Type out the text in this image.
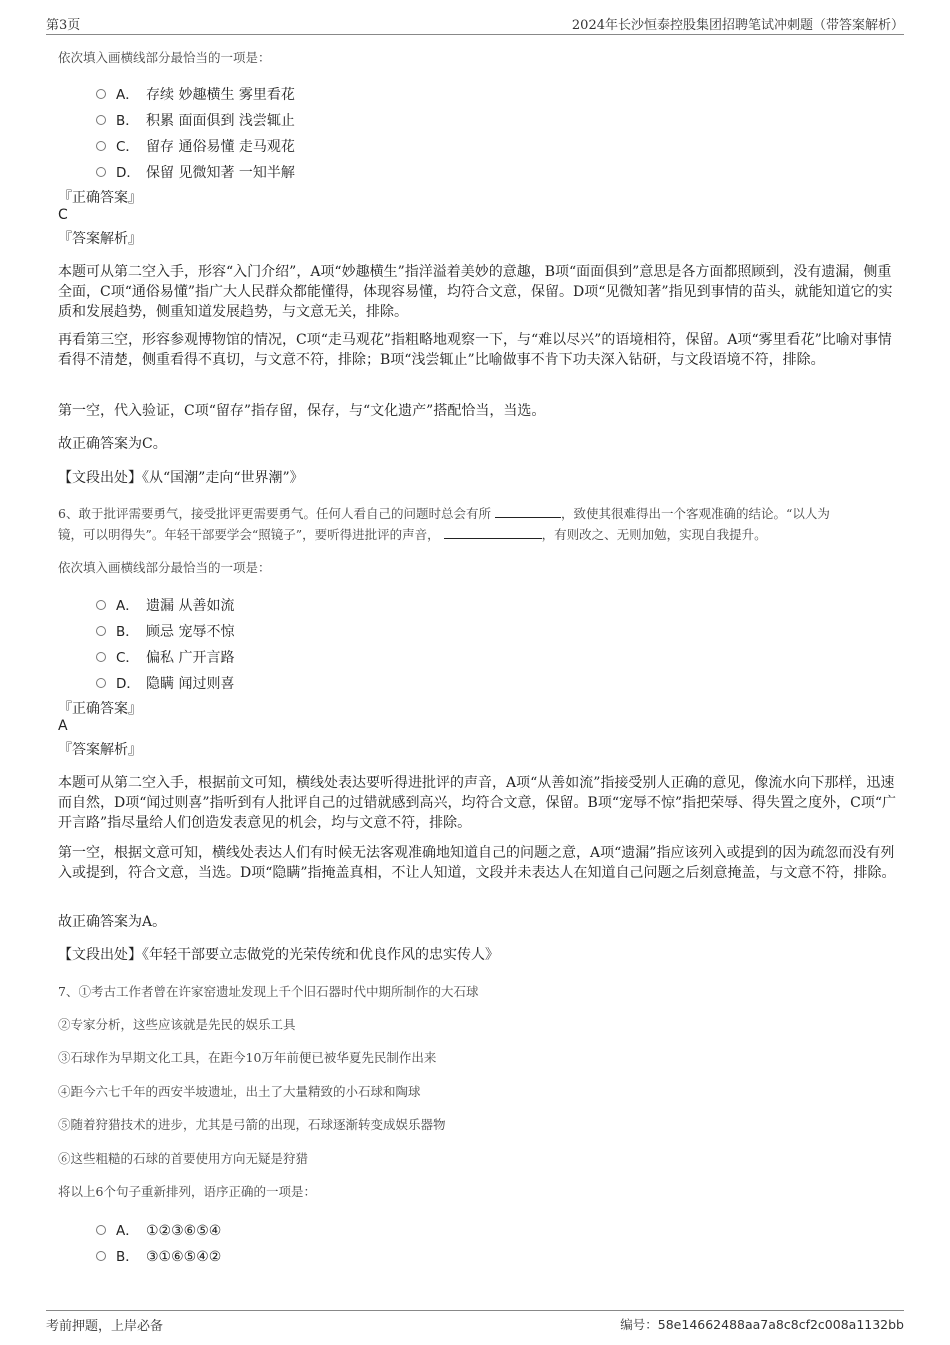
第3页	2024年长沙恒泰控股集团招聘笔试冲刺题（带答案解析）
依次填入画横线部分最恰当的一项是：
A． 存续 妙趣横生 雾里看花
B． 积累 面面俱到 浅尝辄止
C． 留存 通俗易懂 走马观花
D． 保留 见微知著 一知半解
『正确答案』
C
『答案解析』
本题可从第二空入手，形容“入门介绍”，A项“妙趣横生”指洋溢着美妙的意趣，B项“面面俱到”意思是各方面都照顾到，没有遗漏，侧重全面，C项“通俗易懂”指广大人民群众都能懂得，体现容易懂，均符合文意，保留。D项“见微知著”指见到事情的苗头，就能知道它的实质和发展趋势，侧重知道发展趋势，与文意无关，排除。
再看第三空，形容参观博物馆的情况，C项“走马观花”指粗略地观察一下，与“难以尽兴”的语境相符，保留。A项“雾里看花”比喻对事情看得不清楚，侧重看得不真切，与文意不符，排除；B项“浅尝辄止”比喻做事不肯下功夫深入钻研，与文段语境不符，排除。
第一空，代入验证，C项“留存”指存留，保存，与“文化遗产”搭配恰当，当选。
故正确答案为C。
【文段出处】《从“国潮”走向“世界潮”》
6、敢于批评需要勇气，接受批评更需要勇气。任何人看自己的问题时总会有所	，致使其很难得出一个客观准确的结论。“以人为
镜，可以明得失”。年轻干部要学会“照镜子”，要听得进批评的声音，	，有则改之、无则加勉，实现自我提升。
依次填入画横线部分最恰当的一项是：
A． 遗漏 从善如流
B． 顾忌 宠辱不惊
C． 偏私 广开言路
D． 隐瞒 闻过则喜
『正确答案』
A
『答案解析』
本题可从第二空入手，根据前文可知，横线处表达要听得进批评的声音，A项“从善如流”指接受别人正确的意见，像流水向下那样，迅速而自然，D项“闻过则喜”指听到有人批评自己的过错就感到高兴，均符合文意，保留。B项“宠辱不惊”指把荣辱、得失置之度外，C项“广开言路”指尽量给人们创造发表意见的机会，均与文意不符，排除。
第一空，根据文意可知，横线处表达人们有时候无法客观准确地知道自己的问题之意，A项“遗漏”指应该列入或提到的因为疏忽而没有列入或提到，符合文意，当选。D项“隐瞒”指掩盖真相，不让人知道，文段并未表达人在知道自己问题之后刻意掩盖，与文意不符，排除。
故正确答案为A。
【文段出处】《年轻干部要立志做党的光荣传统和优良作风的忠实传人》
7、①考古工作者曾在许家窑遗址发现上千个旧石器时代中期所制作的大石球
②专家分析，这些应该就是先民的娱乐工具
③石球作为早期文化工具，在距今10万年前便已被华夏先民制作出来
④距今六七千年的西安半坡遗址，出土了大量精致的小石球和陶球
⑤随着狩猎技术的进步，尤其是弓箭的出现，石球逐渐转变成娱乐器物
⑥这些粗糙的石球的首要使用方向无疑是狩猎
将以上6个句子重新排列，语序正确的一项是：
A． ①②③⑥⑤④
B． ③①⑥⑤④②
考前押题，上岸必备	编号：58e14662488aa7a8c8cf2c008a1132bb
